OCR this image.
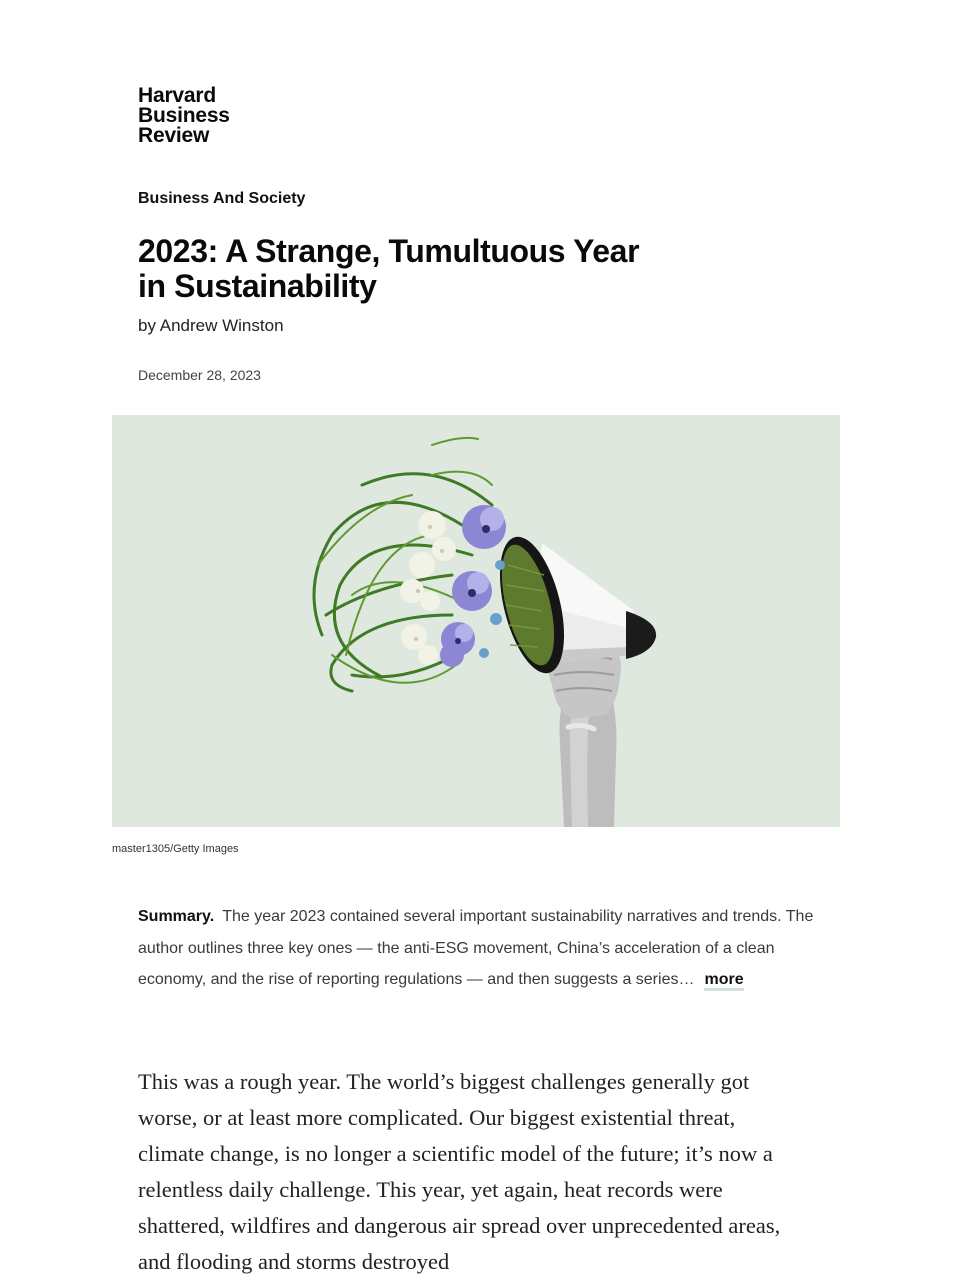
Harvard
Business
Review
Business And Society
2023: A Strange, Tumultuous Year in Sustainability
by Andrew Winston
December 28, 2023
master1305/Getty Images
Summary. The year 2023 contained several important sustainability narratives and trends. The author outlines three key ones — the anti-ESG movement, China’s acceleration of a clean economy, and the rise of reporting regulations — and then suggests a series… more

This was a rough year. The world’s biggest challenges generally got worse, or at least more complicated. Our biggest existential threat, climate change, is no longer a scientific model of the future; it’s now a relentless daily challenge. This year, yet again, heat records were shattered, wildfires and dangerous air spread over unprecedented areas, and flooding and storms destroyed
